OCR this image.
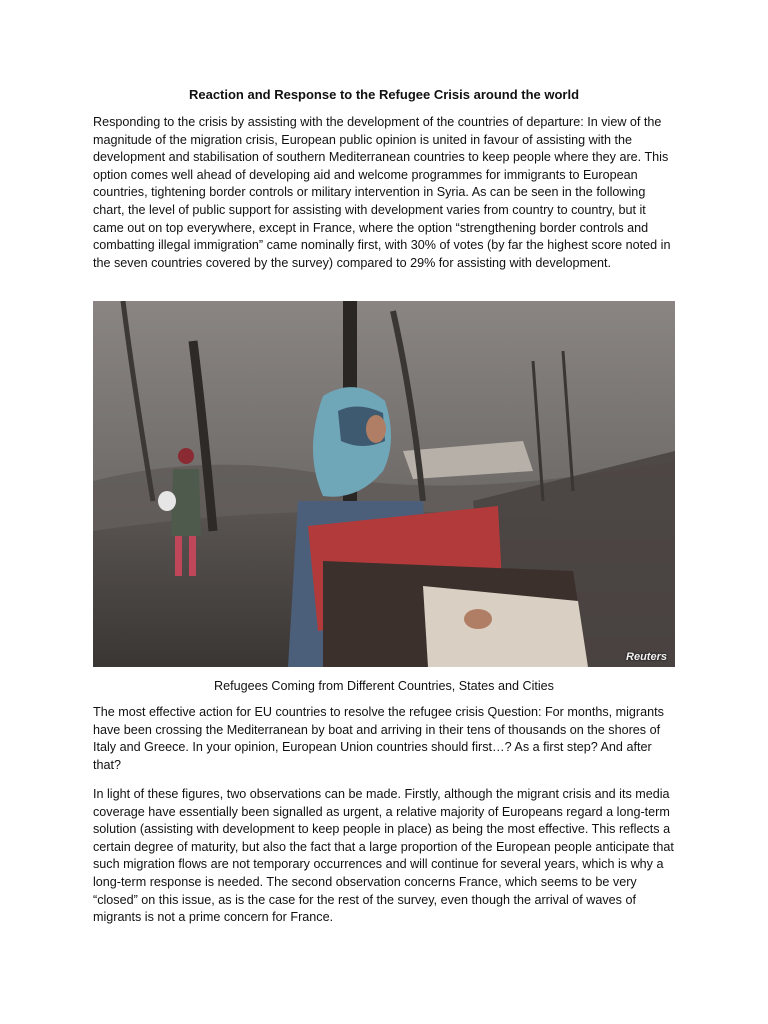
Reaction and Response to the Refugee Crisis around the world

Responding to the crisis by assisting with the development of the countries of departure: In view of the magnitude of the migration crisis, European public opinion is united in favour of assisting with the development and stabilisation of southern Mediterranean countries to keep people where they are. This option comes well ahead of developing aid and welcome programmes for immigrants to European countries, tightening border controls or military intervention in Syria. As can be seen in the following chart, the level of public support for assisting with development varies from country to country, but it came out on top everywhere, except in France, where the option “strengthening border controls and combatting illegal immigration” came nominally first, with 30% of votes (by far the highest score noted in the seven countries covered by the survey) compared to 29% for assisting with development.

Reuters
Refugees Coming from Different Countries, States and Cities

The most effective action for EU countries to resolve the refugee crisis Question: For months, migrants have been crossing the Mediterranean by boat and arriving in their tens of thousands on the shores of Italy and Greece. In your opinion, European Union countries should first…? As a first step? And after that?

In light of these figures, two observations can be made. Firstly, although the migrant crisis and its media coverage have essentially been signalled as urgent, a relative majority of Europeans regard a long-term solution (assisting with development to keep people in place) as being the most effective. This reflects a certain degree of maturity, but also the fact that a large proportion of the European people anticipate that such migration flows are not temporary occurrences and will continue for several years, which is why a long-term response is needed. The second observation concerns France, which seems to be very “closed” on this issue, as is the case for the rest of the survey, even though the arrival of waves of migrants is not a prime concern for France.
